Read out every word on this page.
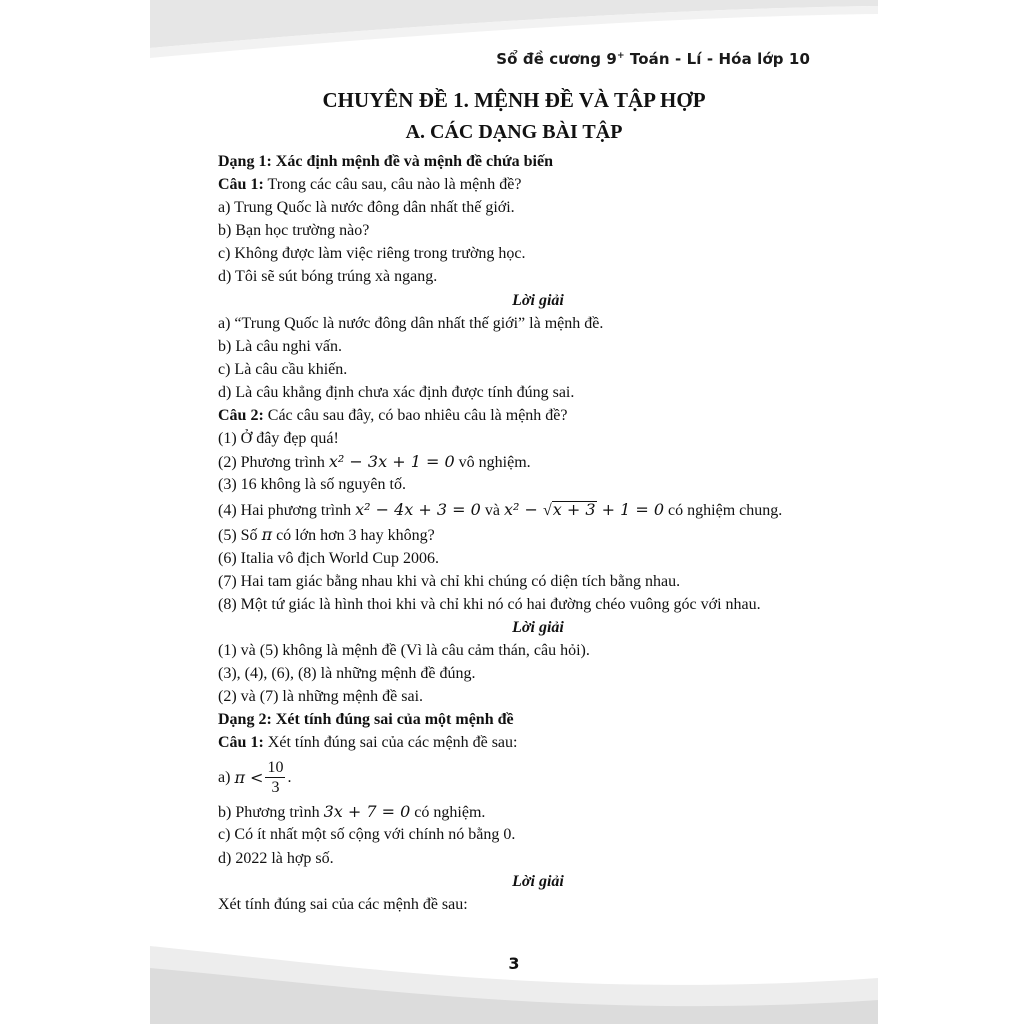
Sổ đề cương 9+ Toán - Lí - Hóa lớp 10
CHUYÊN ĐỀ 1. MỆNH ĐỀ VÀ TẬP HỢP
A. CÁC DẠNG BÀI TẬP
Dạng 1: Xác định mệnh đề và mệnh đề chứa biến
Câu 1: Trong các câu sau, câu nào là mệnh đề?
a) Trung Quốc là nước đông dân nhất thế giới.
b) Bạn học trường nào?
c) Không được làm việc riêng trong trường học.
d) Tôi sẽ sút bóng trúng xà ngang.
Lời giải
a) “Trung Quốc là nước đông dân nhất thế giới” là mệnh đề.
b) Là câu nghi vấn.
c) Là câu cầu khiến.
d) Là câu khẳng định chưa xác định được tính đúng sai.
Câu 2: Các câu sau đây, có bao nhiêu câu là mệnh đề?
(1) Ở đây đẹp quá!
(2) Phương trình x² − 3x + 1 = 0 vô nghiệm.
(3) 16 không là số nguyên tố.
(4) Hai phương trình x² − 4x + 3 = 0 và x² − √x + 3 + 1 = 0 có nghiệm chung.
(5) Số π có lớn hơn 3 hay không?
(6) Italia vô địch World Cup 2006.
(7) Hai tam giác bằng nhau khi và chỉ khi chúng có diện tích bằng nhau.
(8) Một tứ giác là hình thoi khi và chỉ khi nó có hai đường chéo vuông góc với nhau.
Lời giải
(1) và (5) không là mệnh đề (Vì là câu cảm thán, câu hỏi).
(3), (4), (6), (8) là những mệnh đề đúng.
(2) và (7) là những mệnh đề sai.
Dạng 2: Xét tính đúng sai của một mệnh đề
Câu 1: Xét tính đúng sai của các mệnh đề sau:
a) $\pi < \frac{10}{3}$ .
b) Phương trình 3x + 7 = 0 có nghiệm.
c) Có ít nhất một số cộng với chính nó bằng 0.
d) 2022 là hợp số.
Lời giải
Xét tính đúng sai của các mệnh đề sau:
3
